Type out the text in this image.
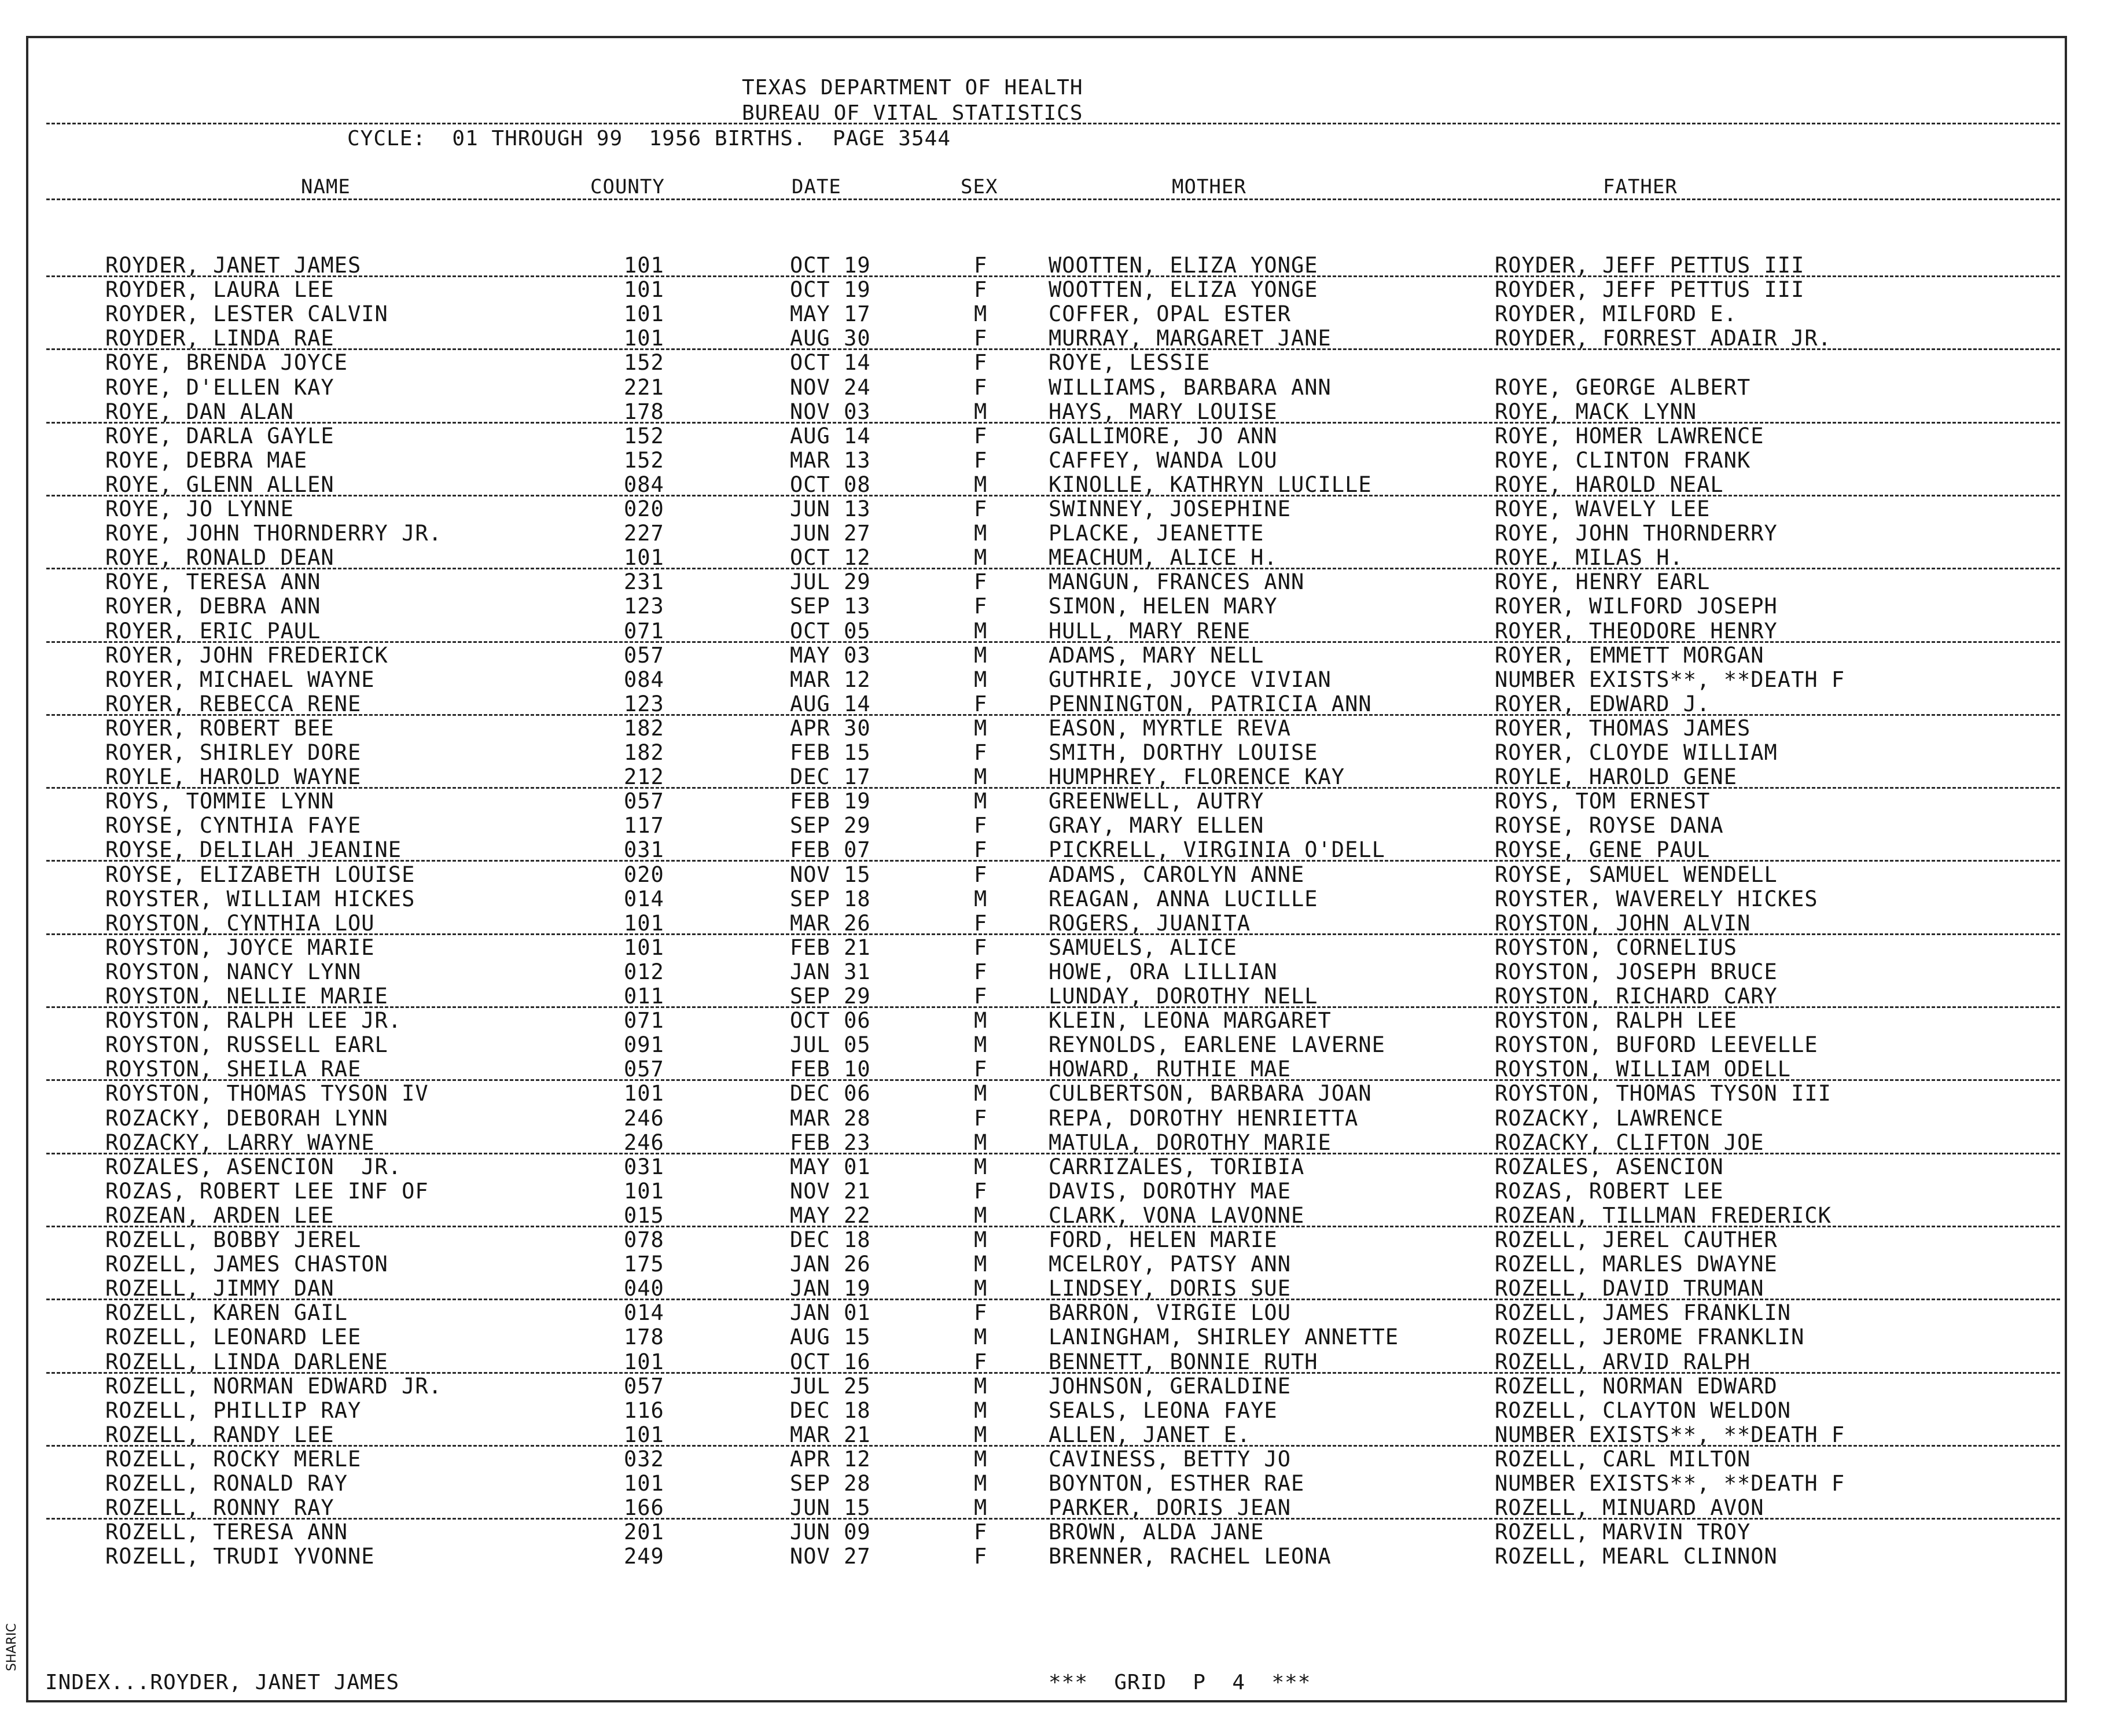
TEXAS DEPARTMENT OF HEALTH
BUREAU OF VITAL STATISTICS
CYCLE:  01 THROUGH 99  1956 BIRTHS.  PAGE 3544
NAME	COUNTY	DATE	SEX	MOTHER	FATHER
ROYDER, JANET JAMES	101	OCT 19	F	WOOTTEN, ELIZA YONGE	ROYDER, JEFF PETTUS III
ROYDER, LAURA LEE	101	OCT 19	F	WOOTTEN, ELIZA YONGE	ROYDER, JEFF PETTUS III
ROYDER, LESTER CALVIN	101	MAY 17	M	COFFER, OPAL ESTER	ROYDER, MILFORD E.
ROYDER, LINDA RAE	101	AUG 30	F	MURRAY, MARGARET JANE	ROYDER, FORREST ADAIR JR.
ROYE, BRENDA JOYCE	152	OCT 14	F	ROYE, LESSIE
ROYE, D'ELLEN KAY	221	NOV 24	F	WILLIAMS, BARBARA ANN	ROYE, GEORGE ALBERT
ROYE, DAN ALAN	178	NOV 03	M	HAYS, MARY LOUISE	ROYE, MACK LYNN
ROYE, DARLA GAYLE	152	AUG 14	F	GALLIMORE, JO ANN	ROYE, HOMER LAWRENCE
ROYE, DEBRA MAE	152	MAR 13	F	CAFFEY, WANDA LOU	ROYE, CLINTON FRANK
ROYE, GLENN ALLEN	084	OCT 08	M	KINOLLE, KATHRYN LUCILLE	ROYE, HAROLD NEAL
ROYE, JO LYNNE	020	JUN 13	F	SWINNEY, JOSEPHINE	ROYE, WAVELY LEE
ROYE, JOHN THORNDERRY JR.	227	JUN 27	M	PLACKE, JEANETTE	ROYE, JOHN THORNDERRY
ROYE, RONALD DEAN	101	OCT 12	M	MEACHUM, ALICE H.	ROYE, MILAS H.
ROYE, TERESA ANN	231	JUL 29	F	MANGUN, FRANCES ANN	ROYE, HENRY EARL
ROYER, DEBRA ANN	123	SEP 13	F	SIMON, HELEN MARY	ROYER, WILFORD JOSEPH
ROYER, ERIC PAUL	071	OCT 05	M	HULL, MARY RENE	ROYER, THEODORE HENRY
ROYER, JOHN FREDERICK	057	MAY 03	M	ADAMS, MARY NELL	ROYER, EMMETT MORGAN
ROYER, MICHAEL WAYNE	084	MAR 12	M	GUTHRIE, JOYCE VIVIAN	NUMBER EXISTS**, **DEATH F
ROYER, REBECCA RENE	123	AUG 14	F	PENNINGTON, PATRICIA ANN	ROYER, EDWARD J.
ROYER, ROBERT BEE	182	APR 30	M	EASON, MYRTLE REVA	ROYER, THOMAS JAMES
ROYER, SHIRLEY DORE	182	FEB 15	F	SMITH, DORTHY LOUISE	ROYER, CLOYDE WILLIAM
ROYLE, HAROLD WAYNE	212	DEC 17	M	HUMPHREY, FLORENCE KAY	ROYLE, HAROLD GENE
ROYS, TOMMIE LYNN	057	FEB 19	M	GREENWELL, AUTRY	ROYS, TOM ERNEST
ROYSE, CYNTHIA FAYE	117	SEP 29	F	GRAY, MARY ELLEN	ROYSE, ROYSE DANA
ROYSE, DELILAH JEANINE	031	FEB 07	F	PICKRELL, VIRGINIA O'DELL	ROYSE, GENE PAUL
ROYSE, ELIZABETH LOUISE	020	NOV 15	F	ADAMS, CAROLYN ANNE	ROYSE, SAMUEL WENDELL
ROYSTER, WILLIAM HICKES	014	SEP 18	M	REAGAN, ANNA LUCILLE	ROYSTER, WAVERELY HICKES
ROYSTON, CYNTHIA LOU	101	MAR 26	F	ROGERS, JUANITA	ROYSTON, JOHN ALVIN
ROYSTON, JOYCE MARIE	101	FEB 21	F	SAMUELS, ALICE	ROYSTON, CORNELIUS
ROYSTON, NANCY LYNN	012	JAN 31	F	HOWE, ORA LILLIAN	ROYSTON, JOSEPH BRUCE
ROYSTON, NELLIE MARIE	011	SEP 29	F	LUNDAY, DOROTHY NELL	ROYSTON, RICHARD CARY
ROYSTON, RALPH LEE JR.	071	OCT 06	M	KLEIN, LEONA MARGARET	ROYSTON, RALPH LEE
ROYSTON, RUSSELL EARL	091	JUL 05	M	REYNOLDS, EARLENE LAVERNE	ROYSTON, BUFORD LEEVELLE
ROYSTON, SHEILA RAE	057	FEB 10	F	HOWARD, RUTHIE MAE	ROYSTON, WILLIAM ODELL
ROYSTON, THOMAS TYSON IV	101	DEC 06	M	CULBERTSON, BARBARA JOAN	ROYSTON, THOMAS TYSON III
ROZACKY, DEBORAH LYNN	246	MAR 28	F	REPA, DOROTHY HENRIETTA	ROZACKY, LAWRENCE
ROZACKY, LARRY WAYNE	246	FEB 23	M	MATULA, DOROTHY MARIE	ROZACKY, CLIFTON JOE
ROZALES, ASENCION  JR.	031	MAY 01	M	CARRIZALES, TORIBIA	ROZALES, ASENCION
ROZAS, ROBERT LEE INF OF	101	NOV 21	F	DAVIS, DOROTHY MAE	ROZAS, ROBERT LEE
ROZEAN, ARDEN LEE	015	MAY 22	M	CLARK, VONA LAVONNE	ROZEAN, TILLMAN FREDERICK
ROZELL, BOBBY JEREL	078	DEC 18	M	FORD, HELEN MARIE	ROZELL, JEREL CAUTHER
ROZELL, JAMES CHASTON	175	JAN 26	M	MCELROY, PATSY ANN	ROZELL, MARLES DWAYNE
ROZELL, JIMMY DAN	040	JAN 19	M	LINDSEY, DORIS SUE	ROZELL, DAVID TRUMAN
ROZELL, KAREN GAIL	014	JAN 01	F	BARRON, VIRGIE LOU	ROZELL, JAMES FRANKLIN
ROZELL, LEONARD LEE	178	AUG 15	M	LANINGHAM, SHIRLEY ANNETTE	ROZELL, JEROME FRANKLIN
ROZELL, LINDA DARLENE	101	OCT 16	F	BENNETT, BONNIE RUTH	ROZELL, ARVID RALPH
ROZELL, NORMAN EDWARD JR.	057	JUL 25	M	JOHNSON, GERALDINE	ROZELL, NORMAN EDWARD
ROZELL, PHILLIP RAY	116	DEC 18	M	SEALS, LEONA FAYE	ROZELL, CLAYTON WELDON
ROZELL, RANDY LEE	101	MAR 21	M	ALLEN, JANET E.	NUMBER EXISTS**, **DEATH F
ROZELL, ROCKY MERLE	032	APR 12	M	CAVINESS, BETTY JO	ROZELL, CARL MILTON
ROZELL, RONALD RAY	101	SEP 28	M	BOYNTON, ESTHER RAE	NUMBER EXISTS**, **DEATH F
ROZELL, RONNY RAY	166	JUN 15	M	PARKER, DORIS JEAN	ROZELL, MINUARD AVON
ROZELL, TERESA ANN	201	JUN 09	F	BROWN, ALDA JANE	ROZELL, MARVIN TROY
ROZELL, TRUDI YVONNE	249	NOV 27	F	BRENNER, RACHEL LEONA	ROZELL, MEARL CLINNON
INDEX...ROYDER, JANET JAMES	***  GRID  P  4  ***
SHARIC
